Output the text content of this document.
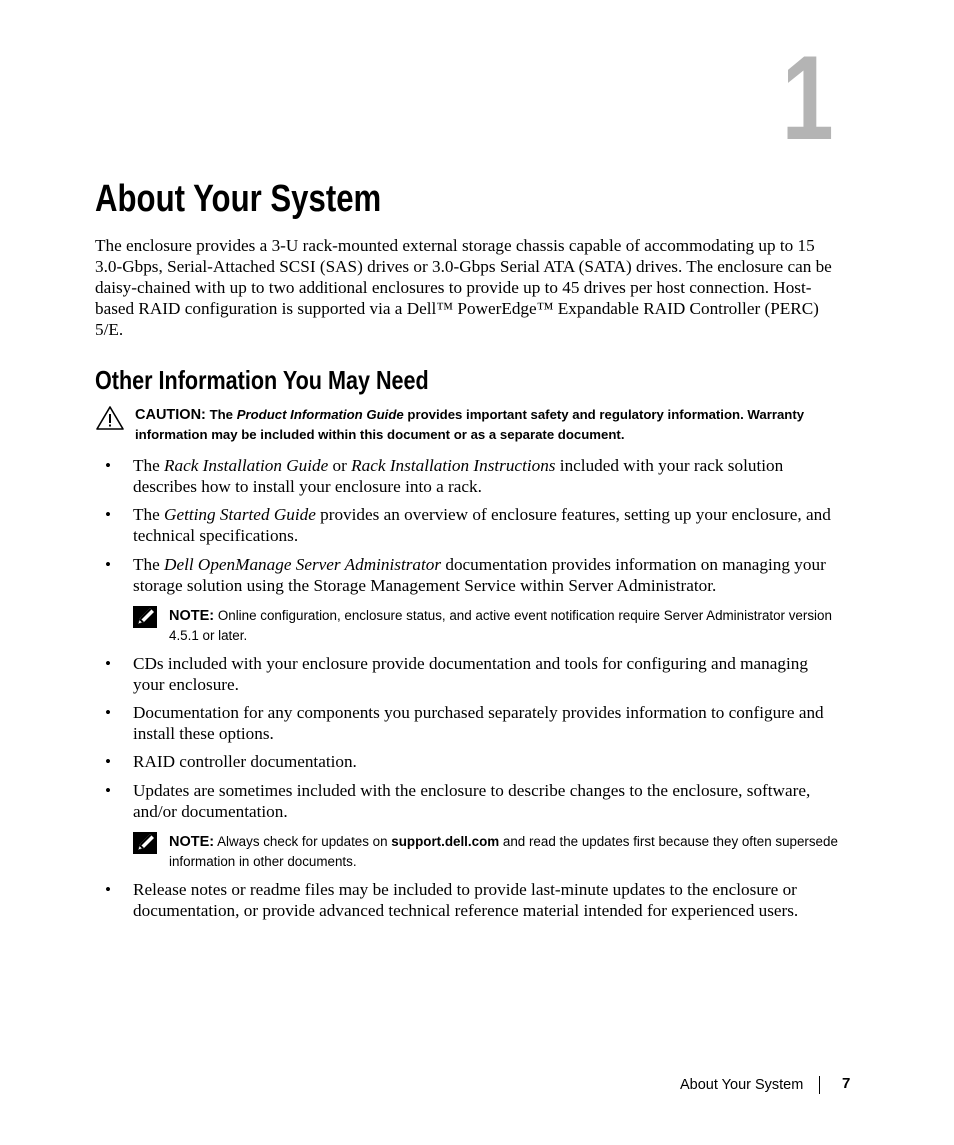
1
About Your System

The enclosure provides a 3-U rack-mounted external storage chassis capable of accommodating up to 15 3.0-Gbps, Serial-Attached SCSI (SAS) drives or 3.0-Gbps Serial ATA (SATA) drives. The enclosure can be daisy-chained with up to two additional enclosures to provide up to 45 drives per host connection. Host-based RAID configuration is supported via a Dell™ PowerEdge™ Expandable RAID Controller (PERC) 5/E.

Other Information You May Need
CAUTION: The Product Information Guide provides important safety and regulatory information. Warranty information may be included within this document or as a separate document.
• The Rack Installation Guide or Rack Installation Instructions included with your rack solution describes how to install your enclosure into a rack.
• The Getting Started Guide provides an overview of enclosure features, setting up your enclosure, and technical specifications.
• The Dell OpenManage Server Administrator documentation provides information on managing your storage solution using the Storage Management Service within Server Administrator.
NOTE: Online configuration, enclosure status, and active event notification require Server Administrator version 4.5.1 or later.
• CDs included with your enclosure provide documentation and tools for configuring and managing your enclosure.
• Documentation for any components you purchased separately provides information to configure and install these options.
• RAID controller documentation.
• Updates are sometimes included with the enclosure to describe changes to the enclosure, software, and/or documentation.
NOTE: Always check for updates on support.dell.com and read the updates first because they often supersede information in other documents.
• Release notes or readme files may be included to provide last-minute updates to the enclosure or documentation, or provide advanced technical reference material intended for experienced users.
About Your System	7
